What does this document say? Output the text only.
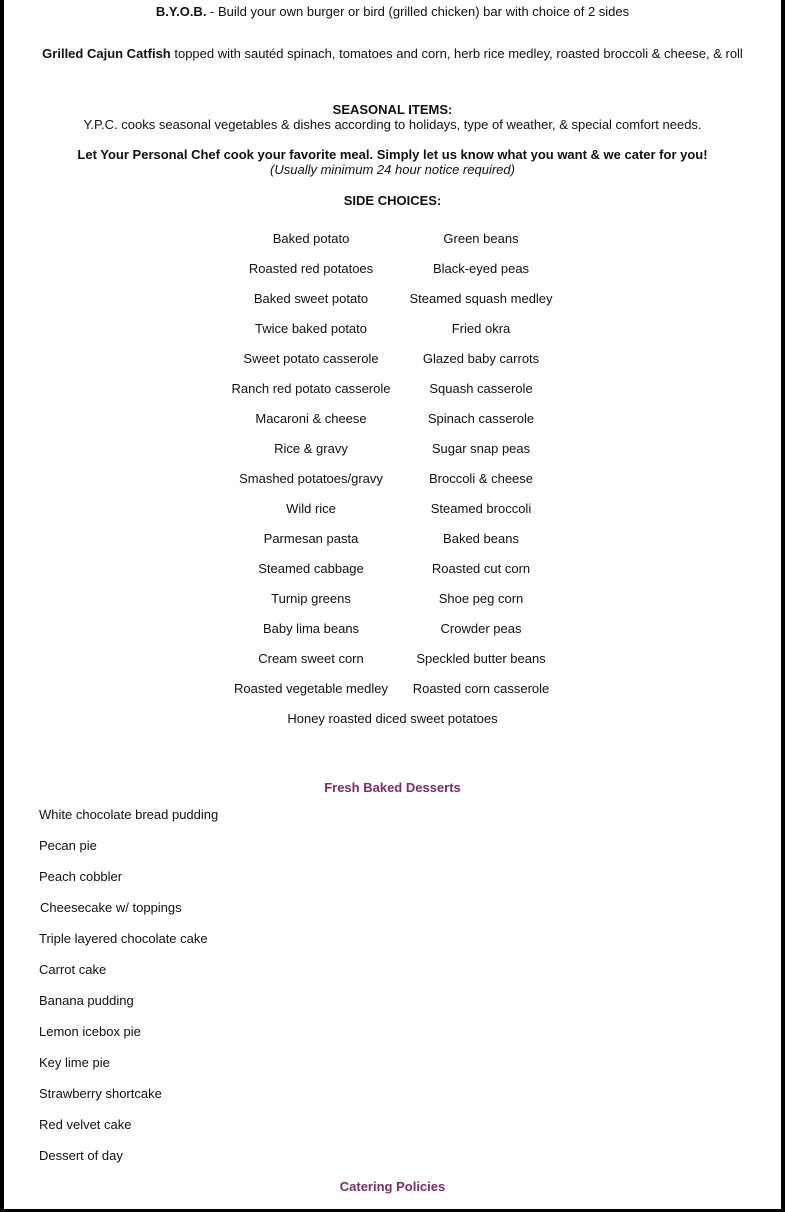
B.Y.O.B. - Build your own burger or bird (grilled chicken) bar with choice of 2 sides
Grilled Cajun Catfish topped with sautéd spinach, tomatoes and corn, herb rice medley, roasted broccoli & cheese, & roll
SEASONAL ITEMS:
Y.P.C. cooks seasonal vegetables & dishes according to holidays, type of weather, & special comfort needs.
Let Your Personal Chef cook your favorite meal. Simply let us know what you want & we cater for you!
(Usually minimum 24 hour notice required)
SIDE CHOICES:
Baked potato
Roasted red potatoes
Baked sweet potato
Twice baked potato
Sweet potato casserole
Ranch red potato casserole
Macaroni & cheese
Rice & gravy
Smashed potatoes/gravy
Wild rice
Parmesan pasta
Steamed cabbage
Turnip greens
Baby lima beans
Cream sweet corn
Roasted vegetable medley
Green beans
Black-eyed peas
Steamed squash medley
Fried okra
Glazed baby carrots
Squash casserole
Spinach casserole
Sugar snap peas
Broccoli & cheese
Steamed broccoli
Baked beans
Roasted cut corn
Shoe peg corn
Crowder peas
Speckled butter beans
Roasted corn casserole
Honey roasted diced sweet potatoes
Fresh Baked Desserts
White chocolate bread pudding
Pecan pie
Peach cobbler
Cheesecake w/ toppings
Triple layered chocolate cake
Carrot cake
Banana pudding
Lemon icebox pie
Key lime pie
Strawberry shortcake
Red velvet cake
Dessert of day
Catering Policies
